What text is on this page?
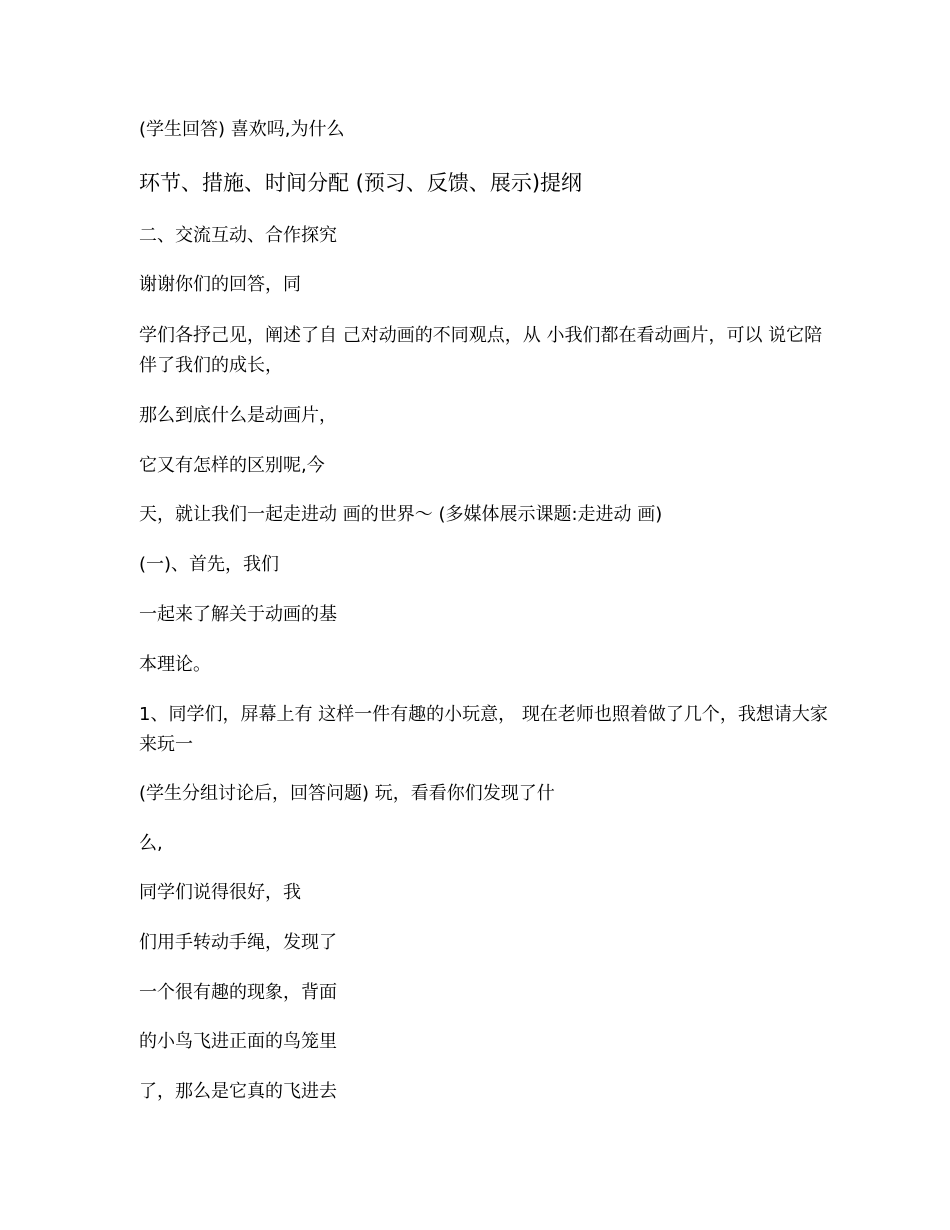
(学生回答) 喜欢吗,为什么

环节、措施、时间分配 (预习、反馈、展示)提纲

二、交流互动、合作探究

谢谢你们的回答，同

学们各抒己见，阐述了自 己对动画的不同观点，从 小我们都在看动画片，可以 说它陪伴了我们的成长，

那么到底什么是动画片，

它又有怎样的区别呢,今

天，就让我们一起走进动 画的世界～ (多媒体展示课题:走进动 画)

(一)、首先，我们

一起来了解关于动画的基

本理论。

1、同学们，屏幕上有 这样一件有趣的小玩意， 现在老师也照着做了几个，我想请大家来玩一

(学生分组讨论后，回答问题) 玩，看看你们发现了什

么,

同学们说得很好，我

们用手转动手绳，发现了

一个很有趣的现象，背面

的小鸟飞进正面的鸟笼里

了，那么是它真的飞进去
